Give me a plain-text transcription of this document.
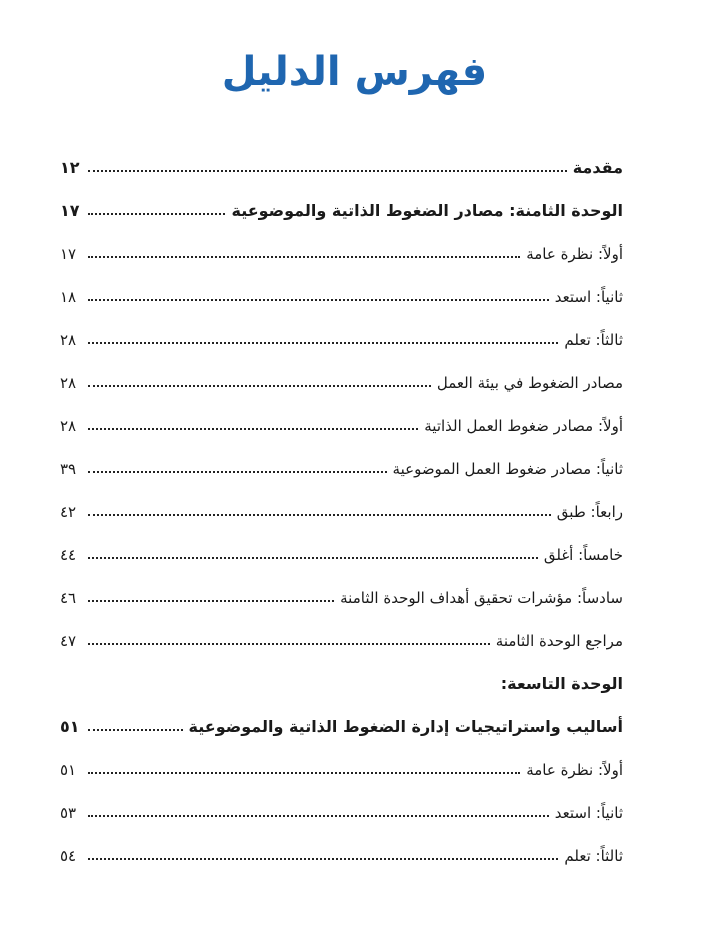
فهرس الدليل
مقدمة
١٢
الوحدة الثامنة: مصادر الضغوط الذاتية والموضوعية
١٧
أولاً: نظرة عامة
١٧
ثانياً: استعد
١٨
ثالثاً: تعلم
٢٨
مصادر الضغوط في بيئة العمل
٢٨
أولاً: مصادر ضغوط العمل الذاتية
٢٨
ثانياً: مصادر ضغوط العمل الموضوعية
٣٩
رابعاً: طبق
٤٢
خامساً: أغلق
٤٤
سادساً: مؤشرات تحقيق أهداف الوحدة الثامنة
٤٦
مراجع الوحدة الثامنة
٤٧
الوحدة التاسعة:
أساليب واستراتيجيات إدارة الضغوط الذاتية والموضوعية
٥١
أولاً: نظرة عامة
٥١
ثانياً: استعد
٥٣
ثالثاً: تعلم
٥٤
